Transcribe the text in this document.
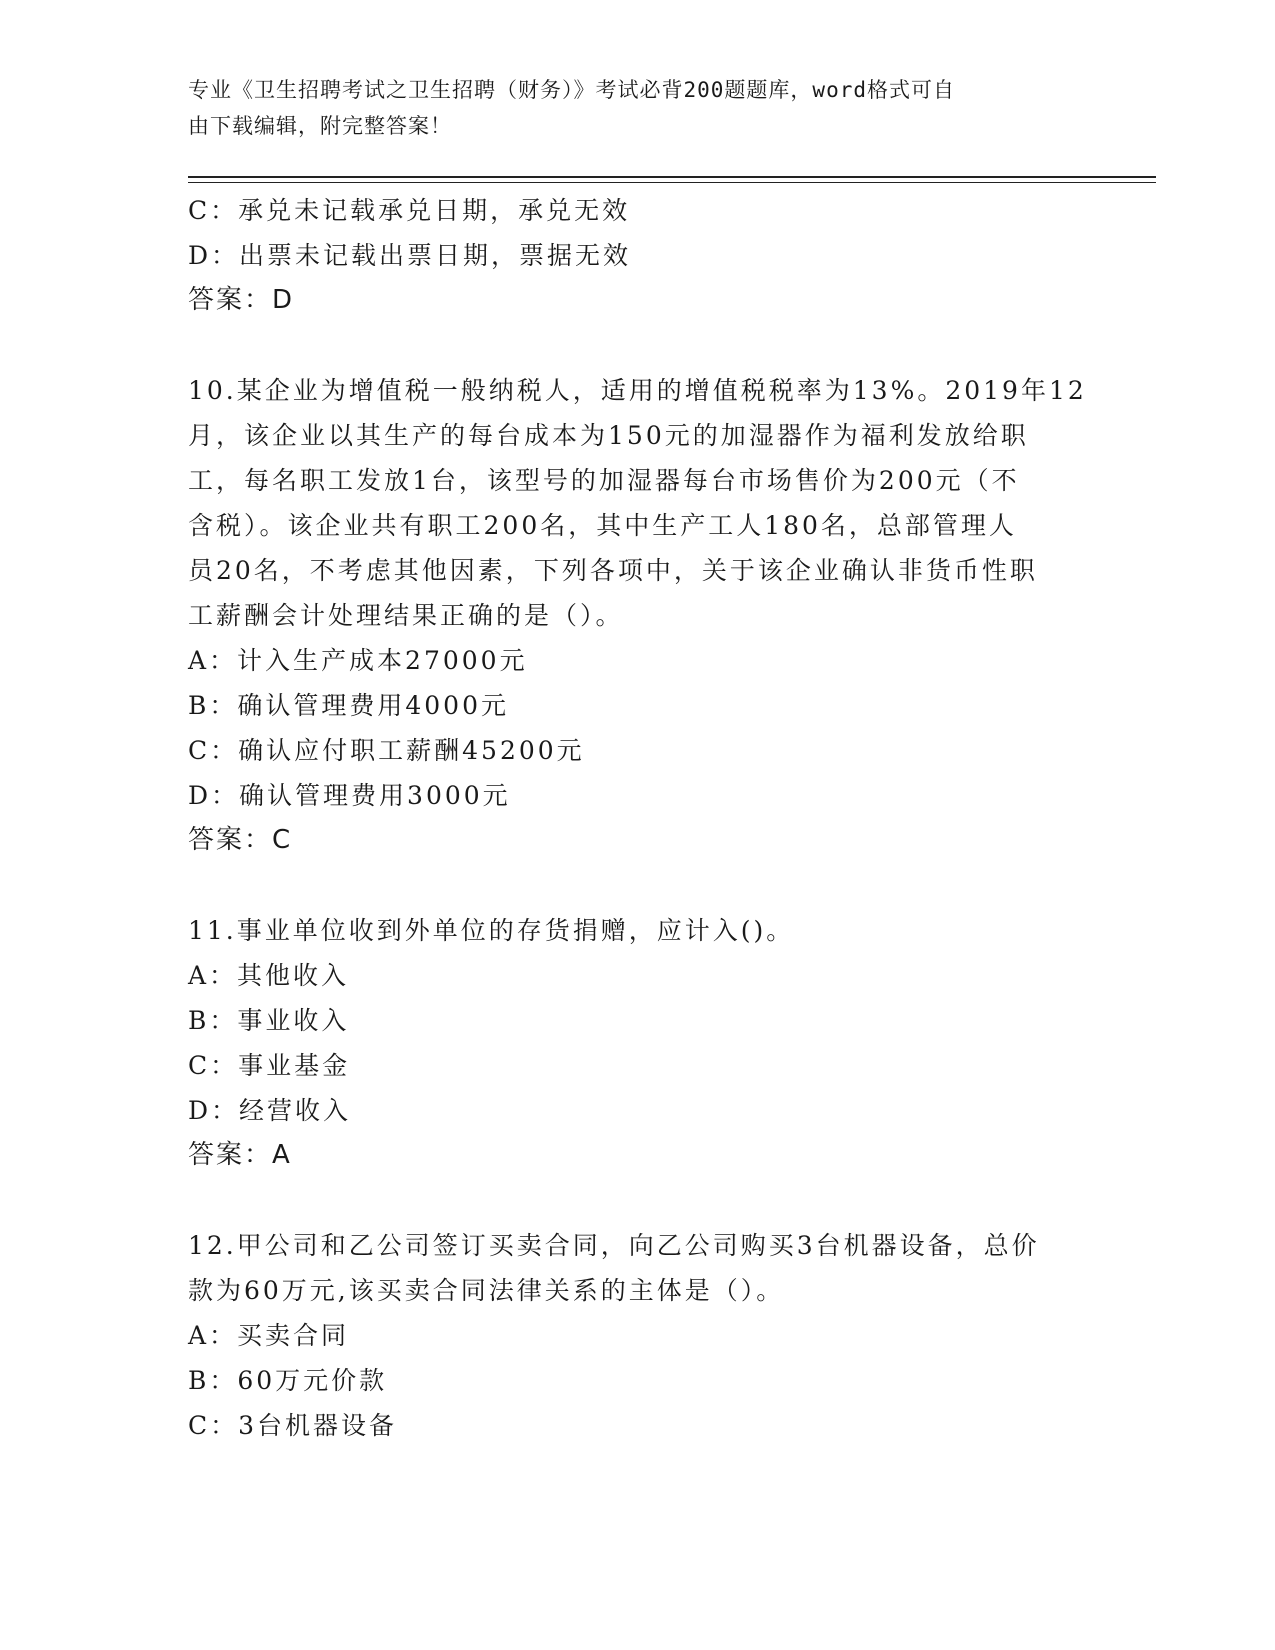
专业《卫生招聘考试之卫生招聘（财务）》考试必背200题题库，word格式可自
由下载编辑，附完整答案！
C：承兑未记载承兑日期，承兑无效
D：出票未记载出票日期，票据无效
答案：D
10.某企业为增值税一般纳税人，适用的增值税税率为13%。2019年12
月，该企业以其生产的每台成本为150元的加湿器作为福利发放给职
工，每名职工发放1台，该型号的加湿器每台市场售价为200元（不
含税）。该企业共有职工200名，其中生产工人180名，总部管理人
员20名，不考虑其他因素，下列各项中，关于该企业确认非货币性职
工薪酬会计处理结果正确的是（）。
A：计入生产成本27000元
B：确认管理费用4000元
C：确认应付职工薪酬45200元
D：确认管理费用3000元
答案：C
11.事业单位收到外单位的存货捐赠，应计入()。
A：其他收入
B：事业收入
C：事业基金
D：经营收入
答案：A
12.甲公司和乙公司签订买卖合同，向乙公司购买3台机器设备，总价
款为60万元,该买卖合同法律关系的主体是（）。
A：买卖合同
B：60万元价款
C：3台机器设备
